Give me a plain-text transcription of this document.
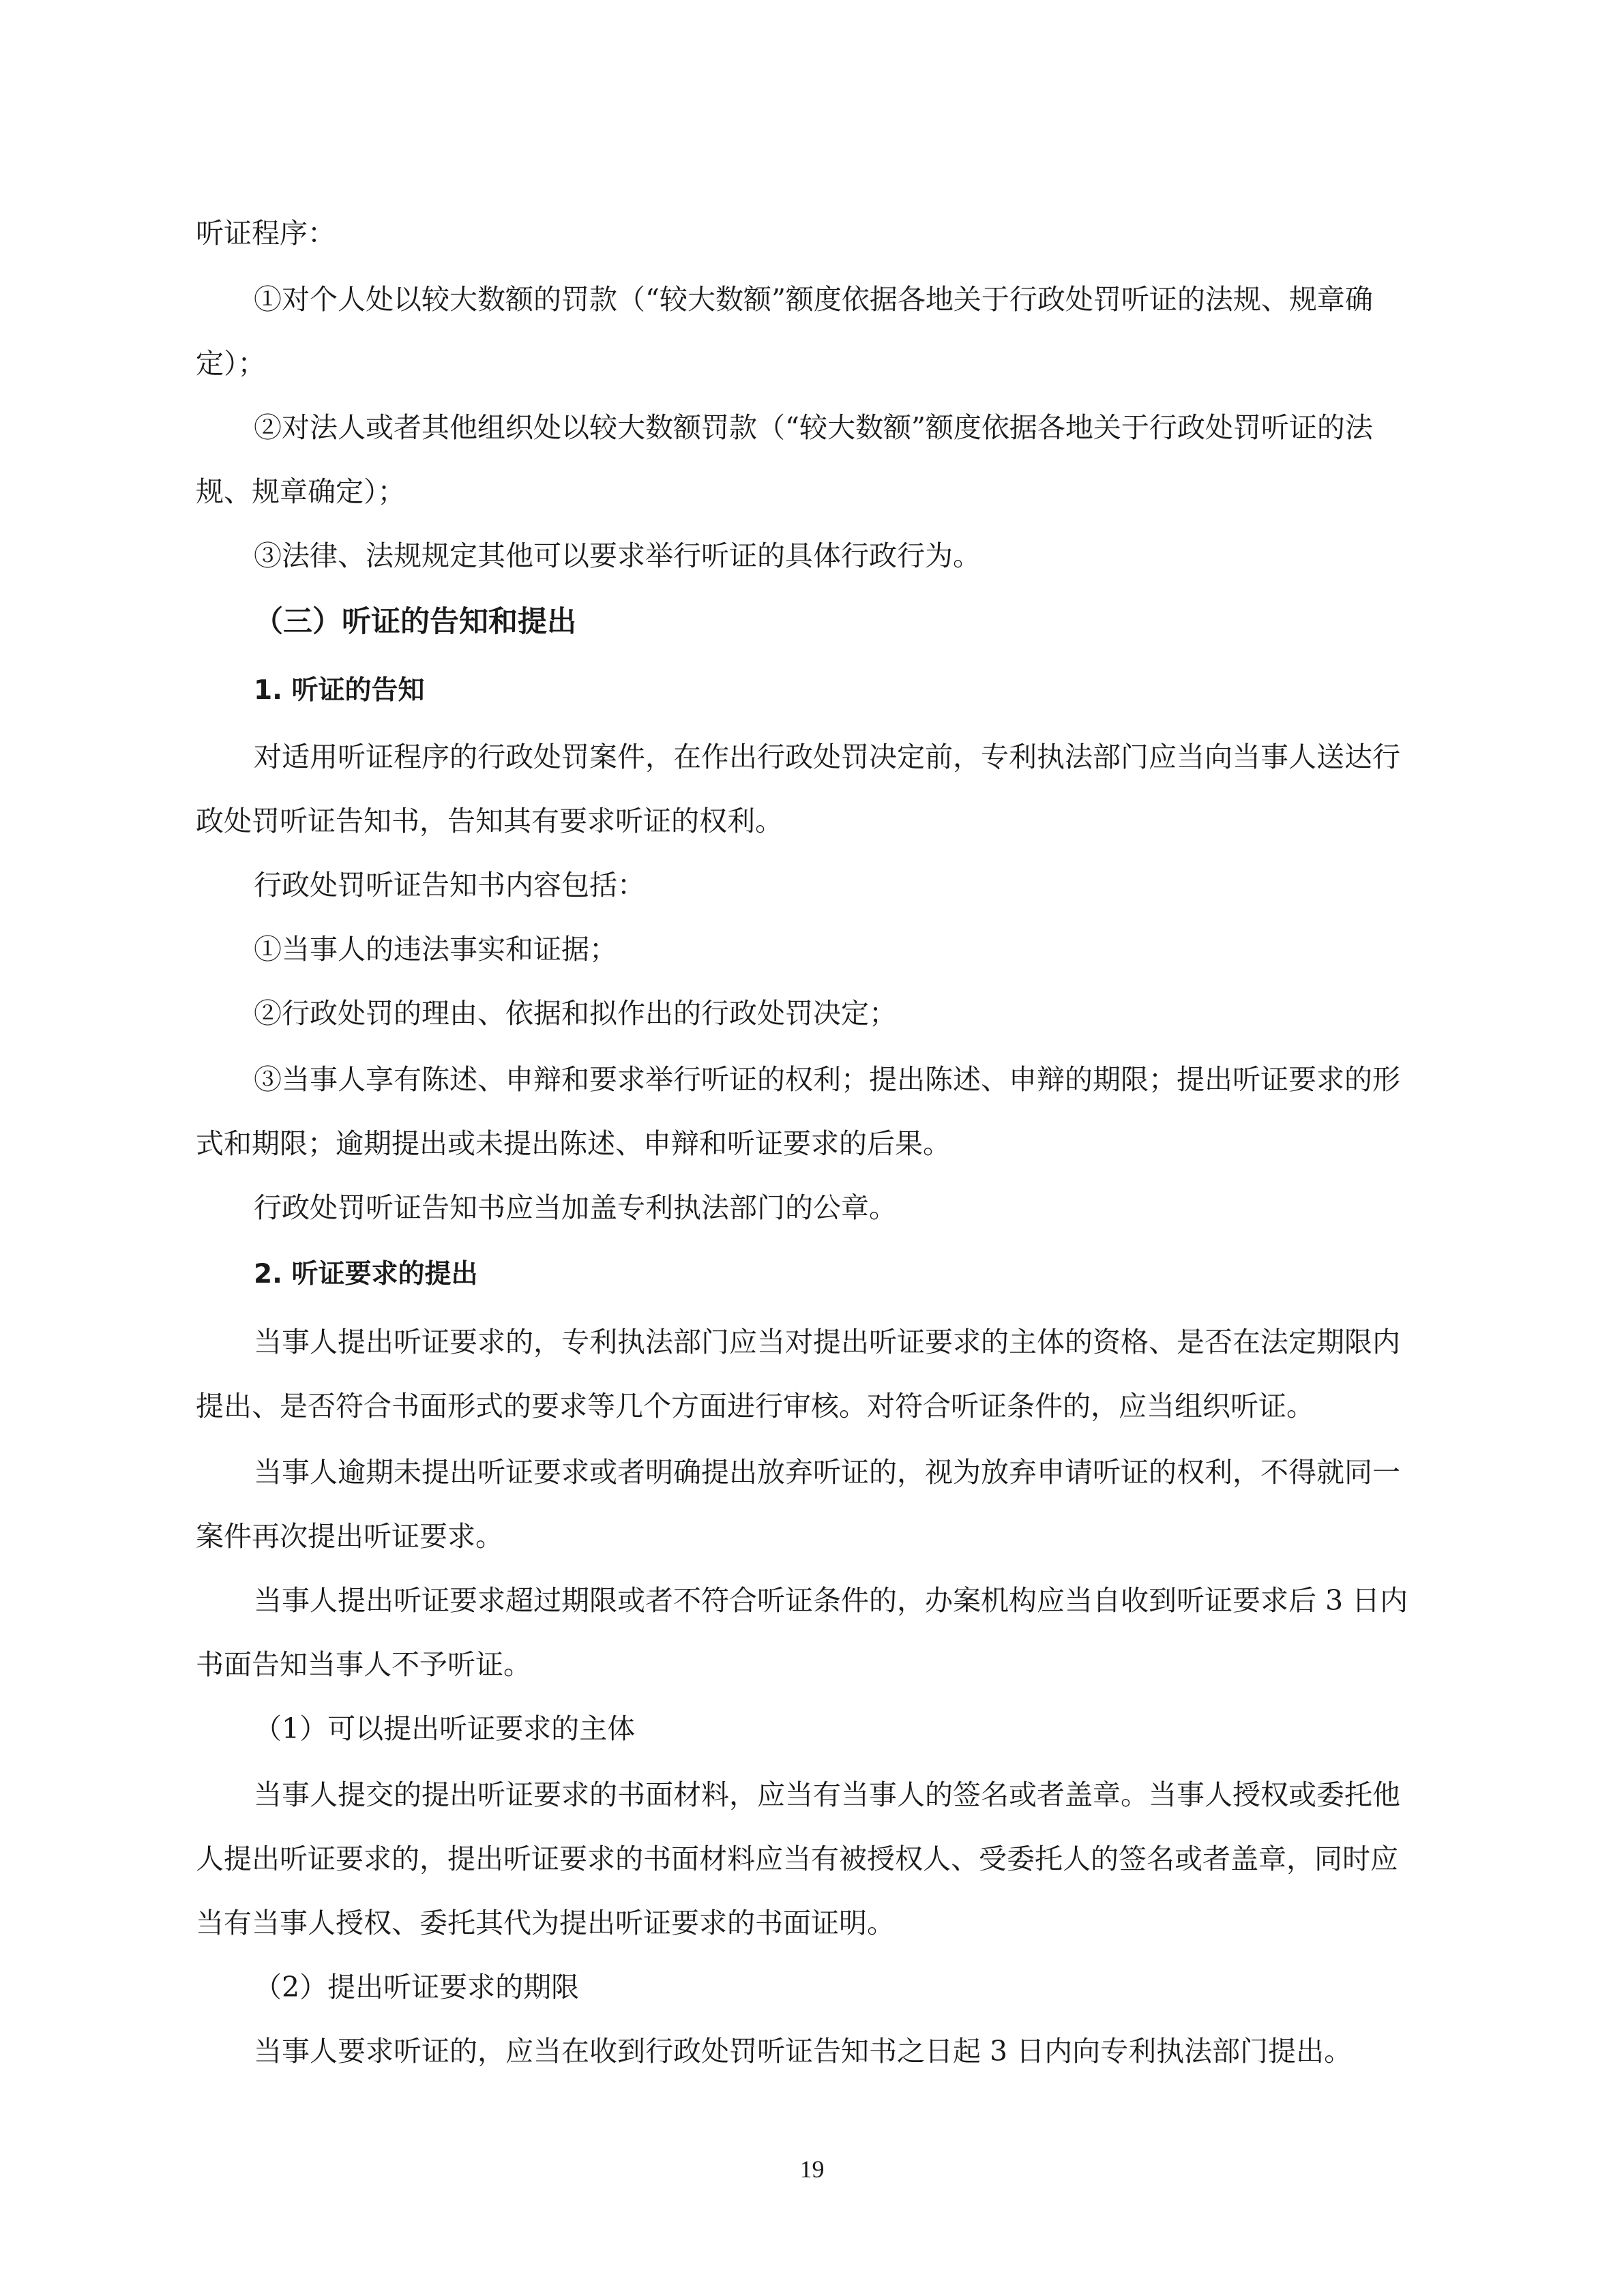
听证程序：

①对个人处以较大数额的罚款（“较大数额”额度依据各地关于行政处罚听证的法规、规章确

定）；

②对法人或者其他组织处以较大数额罚款（“较大数额”额度依据各地关于行政处罚听证的法

规、规章确定）；

③法律、法规规定其他可以要求举行听证的具体行政行为。

（三）听证的告知和提出

1. 听证的告知

对适用听证程序的行政处罚案件，在作出行政处罚决定前，专利执法部门应当向当事人送达行

政处罚听证告知书，告知其有要求听证的权利。

行政处罚听证告知书内容包括：

①当事人的违法事实和证据；

②行政处罚的理由、依据和拟作出的行政处罚决定；

③当事人享有陈述、申辩和要求举行听证的权利；提出陈述、申辩的期限；提出听证要求的形

式和期限；逾期提出或未提出陈述、申辩和听证要求的后果。

行政处罚听证告知书应当加盖专利执法部门的公章。

2. 听证要求的提出

当事人提出听证要求的，专利执法部门应当对提出听证要求的主体的资格、是否在法定期限内

提出、是否符合书面形式的要求等几个方面进行审核。对符合听证条件的，应当组织听证。

当事人逾期未提出听证要求或者明确提出放弃听证的，视为放弃申请听证的权利，不得就同一

案件再次提出听证要求。

当事人提出听证要求超过期限或者不符合听证条件的，办案机构应当自收到听证要求后 3 日内

书面告知当事人不予听证。

（1）可以提出听证要求的主体

当事人提交的提出听证要求的书面材料，应当有当事人的签名或者盖章。当事人授权或委托他

人提出听证要求的，提出听证要求的书面材料应当有被授权人、受委托人的签名或者盖章，同时应

当有当事人授权、委托其代为提出听证要求的书面证明。

（2）提出听证要求的期限

当事人要求听证的，应当在收到行政处罚听证告知书之日起 3 日内向专利执法部门提出。

19
